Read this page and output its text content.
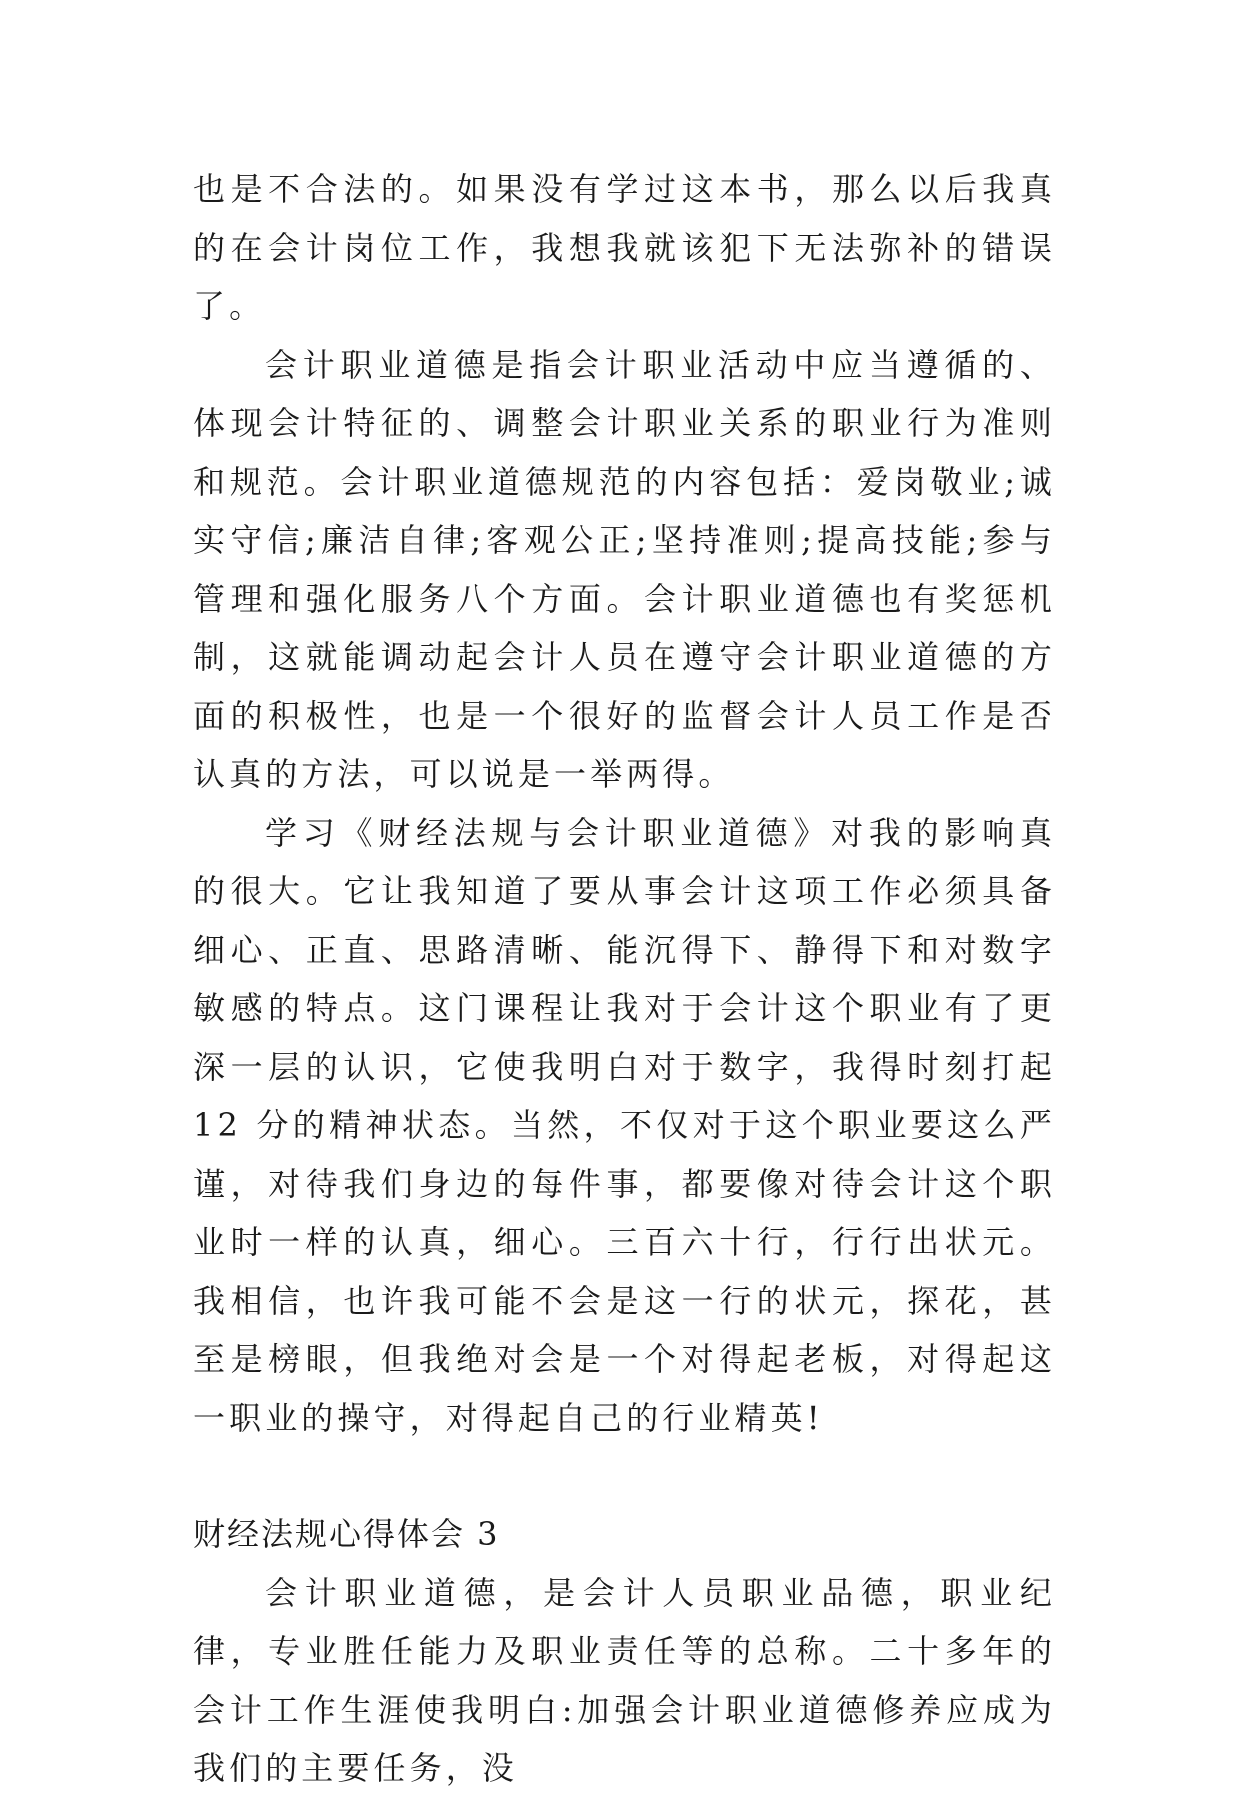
也是不合法的。如果没有学过这本书，那么以后我真的在会计岗位工作，我想我就该犯下无法弥补的错误了。

会计职业道德是指会计职业活动中应当遵循的、体现会计特征的、调整会计职业关系的职业行为准则和规范。会计职业道德规范的内容包括：爱岗敬业;诚实守信;廉洁自律;客观公正;坚持准则;提高技能;参与管理和强化服务八个方面。会计职业道德也有奖惩机制，这就能调动起会计人员在遵守会计职业道德的方面的积极性，也是一个很好的监督会计人员工作是否认真的方法，可以说是一举两得。

学习《财经法规与会计职业道德》对我的影响真的很大。它让我知道了要从事会计这项工作必须具备细心、正直、思路清晰、能沉得下、静得下和对数字敏感的特点。这门课程让我对于会计这个职业有了更深一层的认识，它使我明白对于数字，我得时刻打起 12 分的精神状态。当然，不仅对于这个职业要这么严谨，对待我们身边的每件事，都要像对待会计这个职业时一样的认真，细心。三百六十行，行行出状元。我相信，也许我可能不会是这一行的状元，探花，甚至是榜眼，但我绝对会是一个对得起老板，对得起这一职业的操守，对得起自己的行业精英!

财经法规心得体会 3

会计职业道德，是会计人员职业品德，职业纪律，专业胜任能力及职业责任等的总称。二十多年的会计工作生涯使我明白:加强会计职业道德修养应成为我们的主要任务，没
